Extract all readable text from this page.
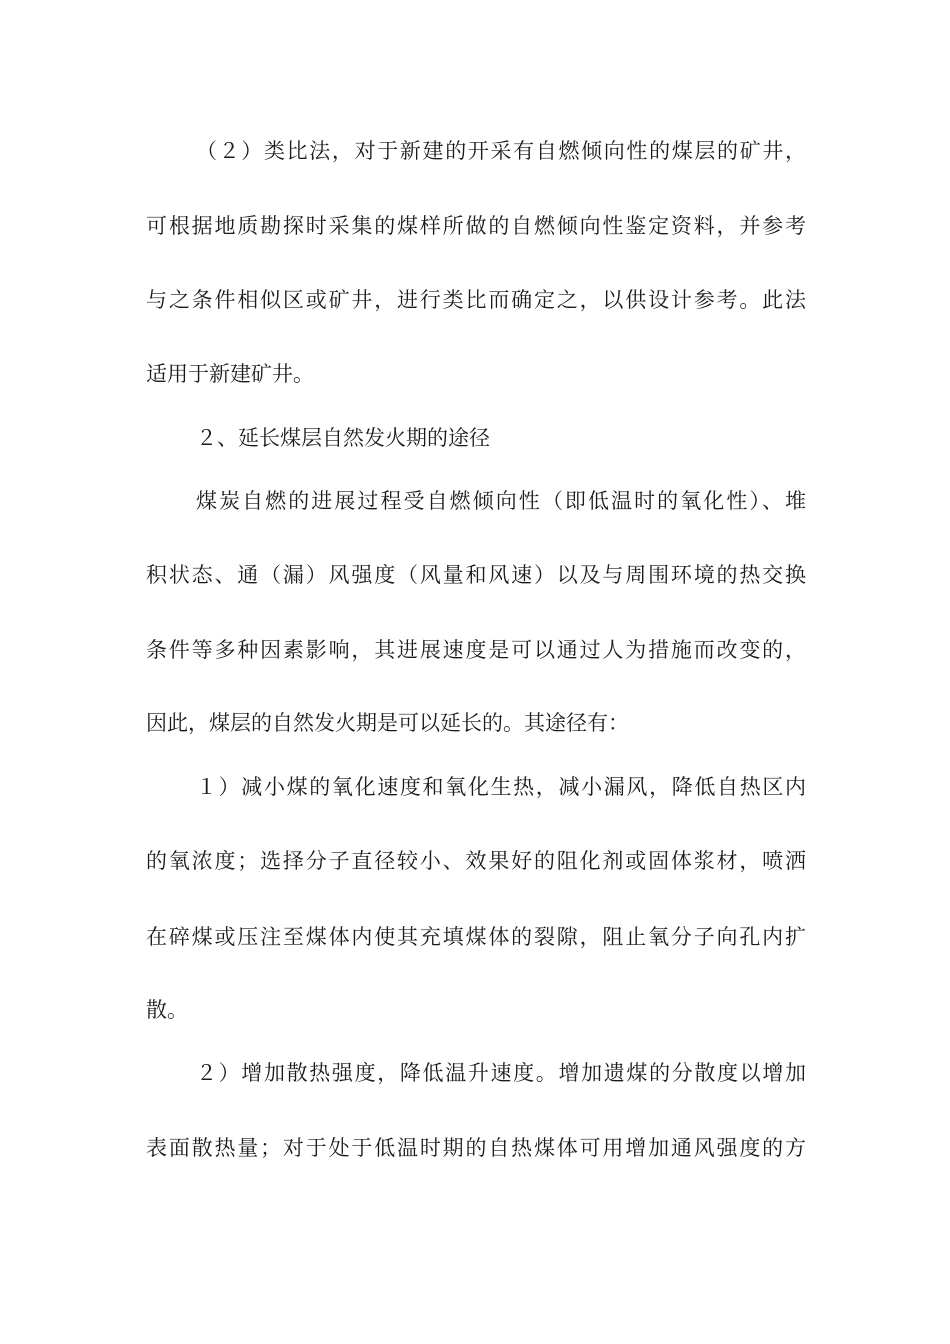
（２）类比法，对于新建的开采有自燃倾向性的煤层的矿井，
可根据地质勘探时采集的煤样所做的自燃倾向性鉴定资料，并参考
与之条件相似区或矿井，进行类比而确定之，以供设计参考。此法
适用于新建矿井。
２、延长煤层自然发火期的途径
煤炭自燃的进展过程受自燃倾向性（即低温时的氧化性）、堆
积状态、通（漏）风强度（风量和风速）以及与周围环境的热交换
条件等多种因素影响，其进展速度是可以通过人为措施而改变的，
因此，煤层的自然发火期是可以延长的。其途径有：
１）减小煤的氧化速度和氧化生热，减小漏风，降低自热区内
的氧浓度；选择分子直径较小、效果好的阻化剂或固体浆材，喷洒
在碎煤或压注至煤体内使其充填煤体的裂隙，阻止氧分子向孔内扩
散。
２）增加散热强度，降低温升速度。增加遗煤的分散度以增加
表面散热量；对于处于低温时期的自热煤体可用增加通风强度的方
